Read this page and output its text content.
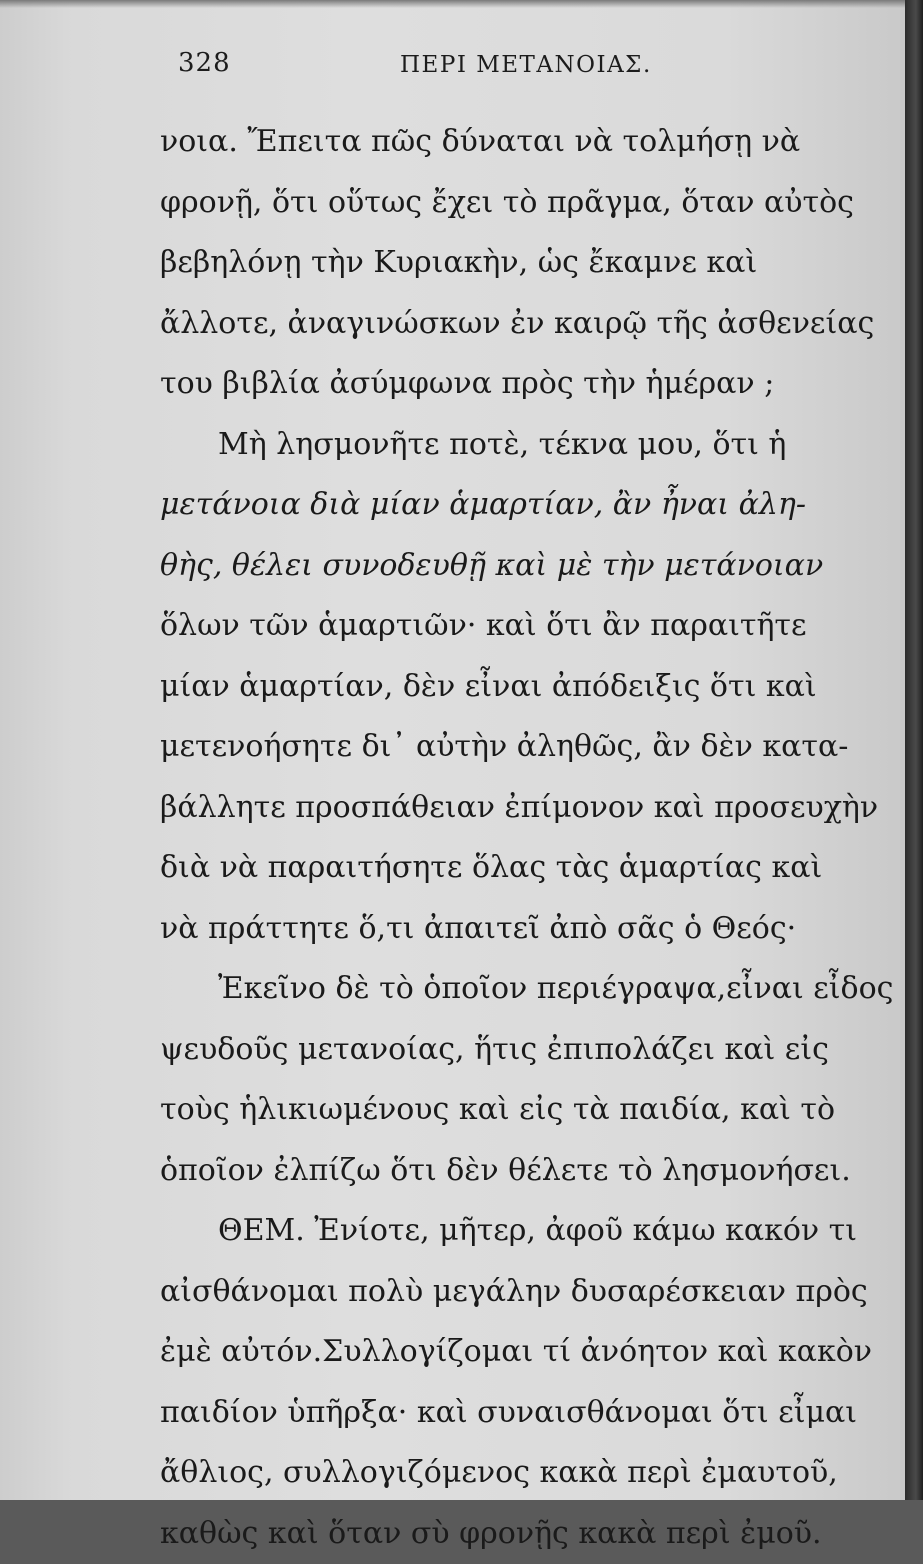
328	ΠΕΡΙ ΜΕΤΑΝΟΙΑΣ.
νοια. Ἔπειτα πῶς δύναται νὰ τολμήσῃ νὰ
φρονῇ, ὅτι οὕτως ἔχει τὸ πρᾶγμα, ὅταν αὐτὸς
βεβηλόνῃ τὴν Κυριακὴν, ὡς ἔκαμνε καὶ
ἄλλοτε, ἀναγινώσκων ἐν καιρῷ τῆς ἀσθενείας
του βιβλία ἀσύμφωνα πρὸς τὴν ἡμέραν ;
Μὴ λησμονῆτε ποτὲ, τέκνα μου, ὅτι ἡ
μετάνοια διὰ μίαν ἁμαρτίαν, ἂν ἦναι ἀλη-
θὴς, θέλει συνοδευθῇ καὶ μὲ τὴν μετάνοιαν
ὅλων τῶν ἁμαρτιῶν· καὶ ὅτι ἂν παραιτῆτε
μίαν ἁμαρτίαν, δὲν εἶναι ἀπόδειξις ὅτι καὶ
μετενοήσητε δι᾽ αὐτὴν ἀληθῶς, ἂν δὲν κατα-
βάλλητε προσπάθειαν ἐπίμονον καὶ προσευχὴν
διὰ νὰ παραιτήσητε ὅλας τὰς ἁμαρτίας καὶ
νὰ πράττητε ὅ,τι ἀπαιτεῖ ἀπὸ σᾶς ὁ Θεός·
Ἐκεῖνο δὲ τὸ ὁποῖον περιέγραψα,εἶναι εἶδος
ψευδοῦς μετανοίας, ἥτις ἐπιπολάζει καὶ εἰς
τοὺς ἡλικιωμένους καὶ εἰς τὰ παιδία, καὶ τὸ
ὁποῖον ἐλπίζω ὅτι δὲν θέλετε τὸ λησμονήσει.
ΘΕΜ. Ἐνίοτε, μῆτερ, ἀφοῦ κάμω κακόν τι
αἰσθάνομαι πολὺ μεγάλην δυσαρέσκειαν πρὸς
ἐμὲ αὐτόν.Συλλογίζομαι τί ἀνόητον καὶ κακὸν
παιδίον ὑπῆρξα· καὶ συναισθάνομαι ὅτι εἶμαι
ἄθλιος, συλλογιζόμενος κακὰ περὶ ἐμαυτοῦ,
καθὼς καὶ ὅταν σὺ φρονῇς κακὰ περὶ ἐμοῦ.
